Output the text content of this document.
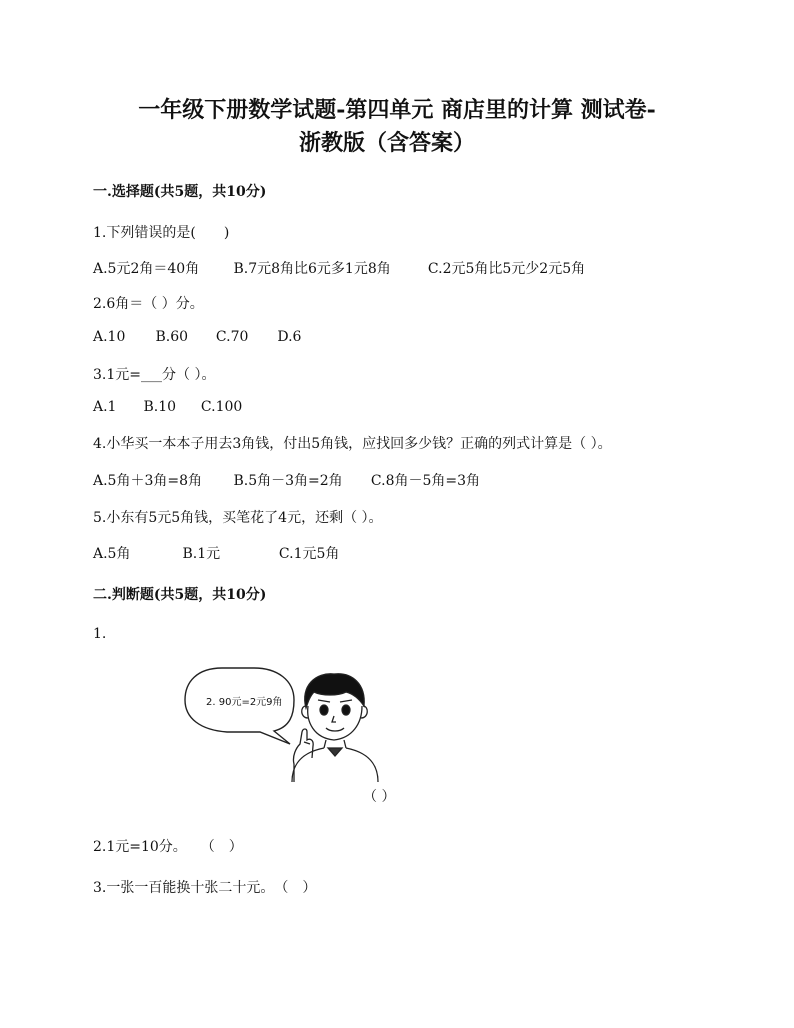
一年级下册数学试题-第四单元 商店里的计算 测试卷-
浙教版（含答案）
一.选择题(共5题，共10分)
1.下列错误的是(　　)
A.5元2角＝40角 B.7元8角比6元多1元8角	C.2元5角比5元少2元5角
2.6角＝（ ）分。
A.10 B.60 C.70 D.6
3.1元=___分（ ）。
A.1 B.10 C.100
4.小华买一本本子用去3角钱，付出5角钱，应找回多少钱？正确的列式计算是（ ）。
A.5角＋3角=8角 B.5角－3角=2角 C.8角－5角=3角
5.小东有5元5角钱，买笔花了4元，还剩（ ）。
A.5角	B.1元	C.1元5角
二.判断题(共5题，共10分)
1.
2. 90元=2元9角
（ ）
2.1元=10分。　　（　）
3.一张一百能换十张二十元。　（　）
